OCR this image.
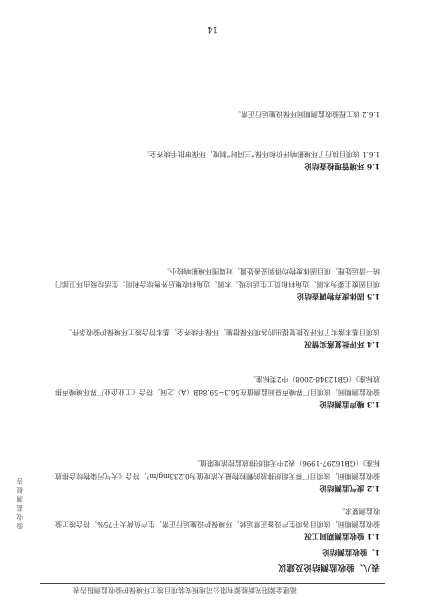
福建金源阳光新能源有限公司地板安装项目竣工环境保护验收监测报告表
表八、验收监测结论及建议
1、验收监测结论
1.1 验收监测期间工况
验收监测期间，该项目各项生产设备正常运转，环境保护设施运行正常，生产负荷大于75%，符合竣工验收监测要求。
1.2 废气监测结论
验收监测期间，该项目厂界无组织排放的颗粒物最大浓度值为0.233mg/m³，符合《大气污染物综合排放标准》（GB16297-1996）表2中无组织排放监控浓度限值。
1.3 噪声监测结论
验收监测期间，该项目厂界噪声昼间监测值在56.3~59.8dB（A）之间，符合《工业企业厂界环境噪声排放标准》（GB12348-2008）中2类标准。
1.4 环评批复落实情况
该项目基本落实了环评及批复提出的各项环保措施，环保手续齐全，基本符合竣工环境保护验收条件。
1.5 固体废弃物调查结论
项目固废主要为木屑、边角料和员工生活垃圾。木屑、边角料收集后外售综合利用；生活垃圾由环卫部门统一清运处理，项目固体废物均得到妥善处置，对周围环境影响较小。
1.6 环境管理检查结论
1.6.1 该项目执行了环境影响评价和环保“三同时”制度，环保审批手续齐全。
1.6.2 该工程验收监测期间环保设施运行正常。
验收监测报告
14
